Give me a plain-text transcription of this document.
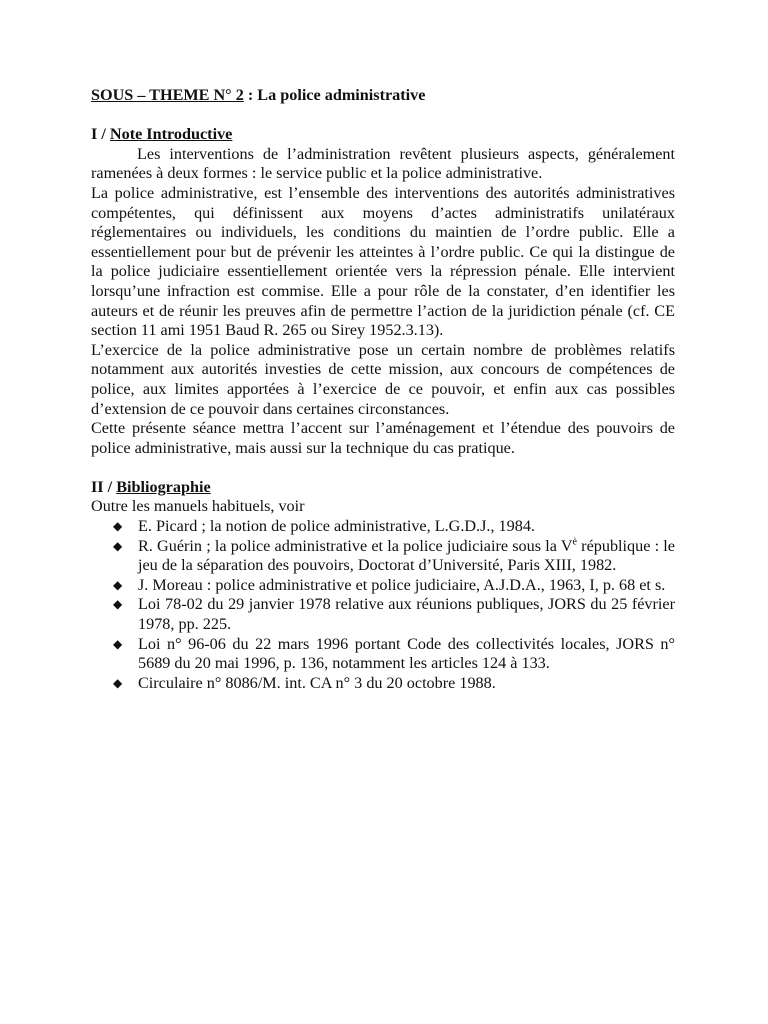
SOUS – THEME N° 2 : La police administrative

I / Note Introductive

Les interventions de l’administration revêtent plusieurs aspects, généralement ramenées à deux formes : le service public et la police administrative.

La police administrative, est l’ensemble des interventions des autorités administratives compétentes, qui définissent aux moyens d’actes administratifs unilatéraux réglementaires ou individuels, les conditions du maintien de l’ordre public. Elle a essentiellement pour but de prévenir les atteintes à l’ordre public. Ce qui la distingue de la police judiciaire essentiellement orientée vers la répression pénale. Elle intervient lorsqu’une infraction est commise. Elle a pour rôle de la constater, d’en identifier les auteurs et de réunir les preuves afin de permettre l’action de la juridiction pénale (cf. CE section 11 ami 1951 Baud R. 265 ou Sirey 1952.3.13).

L’exercice de la police administrative pose un certain nombre de problèmes relatifs notamment aux autorités investies de cette mission, aux concours de compétences de police, aux limites apportées à l’exercice de ce pouvoir, et enfin aux cas possibles d’extension de ce pouvoir dans certaines circonstances.

Cette présente séance mettra l’accent sur l’aménagement et l’étendue des pouvoirs de police administrative, mais aussi sur la technique du cas pratique.

II / Bibliographie

Outre les manuels habituels, voir

◆ E. Picard ; la notion de police administrative, L.G.D.J., 1984.
◆ R. Guérin ; la police administrative et la police judiciaire sous la $V^è$ république : le jeu de la séparation des pouvoirs, Doctorat d’Université, Paris XIII, 1982.
◆ J. Moreau : police administrative et police judiciaire, A.J.D.A., 1963, I, p. 68 et s.
◆ Loi 78-02 du 29 janvier 1978 relative aux réunions publiques, JORS du 25 février 1978, pp. 225.
◆ Loi n° 96-06 du 22 mars 1996 portant Code des collectivités locales, JORS n° 5689 du 20 mai 1996, p. 136, notamment les articles 124 à 133.
◆ Circulaire n° 8086/M. int. CA n° 3 du 20 octobre 1988.
